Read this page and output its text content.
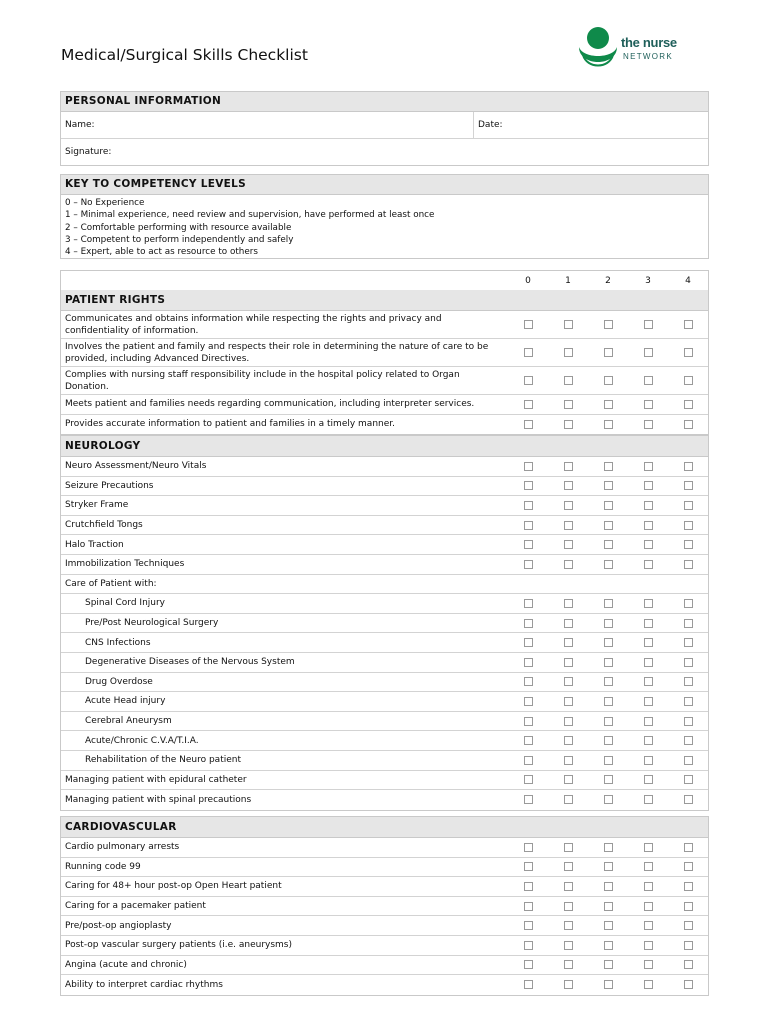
Medical/Surgical Skills Checklist
the nurse
NETWORK
PERSONAL INFORMATION
Name:	Date:
Signature:
KEY TO COMPETENCY LEVELS
0 – No Experience
1 – Minimal experience, need review and supervision, have performed at least once
2 – Comfortable performing with resource available
3 – Competent to perform independently and safely
4 – Expert, able to act as resource to others
0	1	2	3	4
PATIENT RIGHTS
Communicates and obtains information while respecting the rights and privacy and confidentiality of information.
Involves the patient and family and respects their role in determining the nature of care to be provided, including Advanced Directives.
Complies with nursing staff responsibility include in the hospital policy related to Organ Donation.
Meets patient and families needs regarding communication, including interpreter services.
Provides accurate information to patient and families in a timely manner.
NEUROLOGY
Neuro Assessment/Neuro Vitals
Seizure Precautions
Stryker Frame
Crutchfield Tongs
Halo Traction
Immobilization Techniques
Care of Patient with:
Spinal Cord Injury
Pre/Post Neurological Surgery
CNS Infections
Degenerative Diseases of the Nervous System
Drug Overdose
Acute Head injury
Cerebral Aneurysm
Acute/Chronic C.V.A/T.I.A.
Rehabilitation of the Neuro patient
Managing patient with epidural catheter
Managing patient with spinal precautions
CARDIOVASCULAR
Cardio pulmonary arrests
Running code 99
Caring for 48+ hour post-op Open Heart patient
Caring for a pacemaker patient
Pre/post-op angioplasty
Post-op vascular surgery patients (i.e. aneurysms)
Angina (acute and chronic)
Ability to interpret cardiac rhythms
